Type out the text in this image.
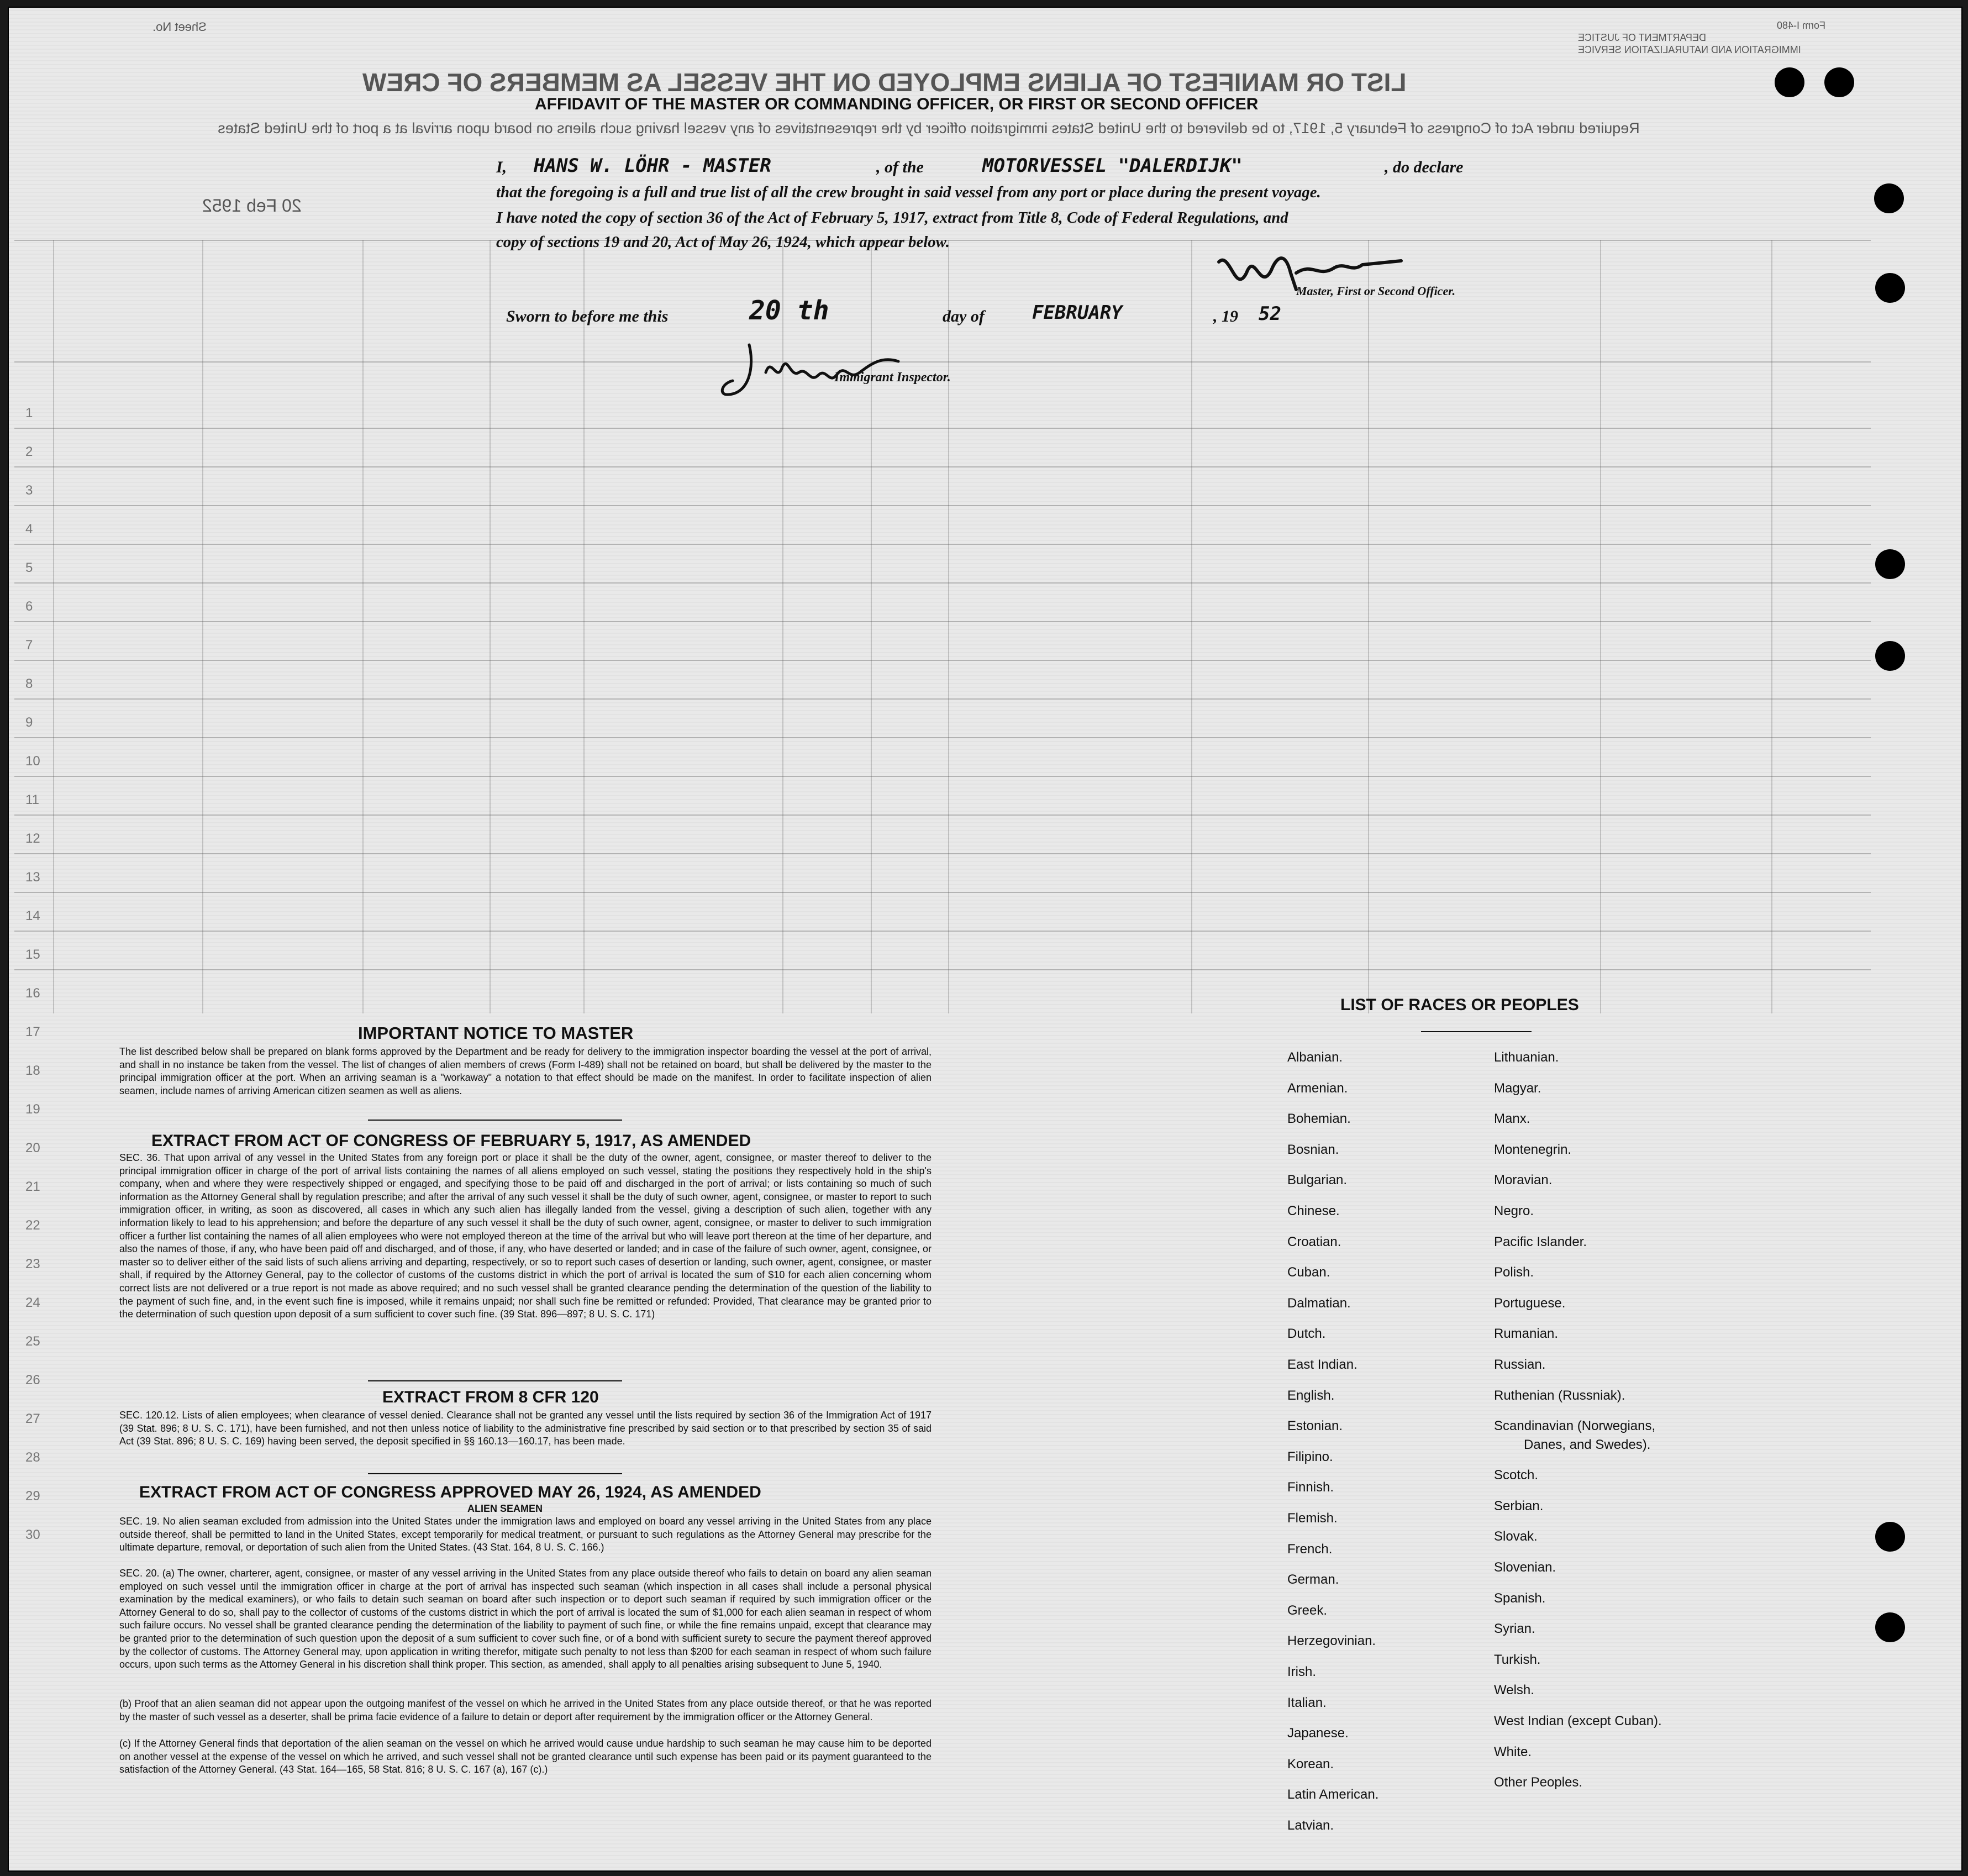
LIST OR MANIFEST OF ALIENS EMPLOYED ON THE VESSEL AS MEMBERS OF CREW
Required under Act of Congress of February 5, 1917, to be delivered to the United States immigration officer by the representatives of any vessel having such aliens on board upon arrival at a port of the United States
Sheet No.	Form I-480
DEPARTMENT OF JUSTICE
IMMIGRATION AND NATURALIZATION SERVICE
20 Feb 1952
1
2
3
4
5
6
7
8
9
10
11
12
13
14
15
16
17
18
19
20
21
22
23
24
25
26
27
28
29
30
AFFIDAVIT OF THE MASTER OR COMMANDING OFFICER, OR FIRST OR SECOND OFFICER
I, HANS W. LÖHR - MASTER	, of the	MOTORVESSEL "DALERDIJK"	, do declare
that the foregoing is a full and true list of all the crew brought in said vessel from any port or place during the present voyage.
I have noted the copy of section 36 of the Act of February 5, 1917, extract from Title 8, Code of Federal Regulations, and
copy of sections 19 and 20, Act of May 26, 1924, which appear below.
Master, First or Second Officer.
Sworn to before me this	20 th	day of	FEBRUARY	, 19 52
Immigrant Inspector.
IMPORTANT NOTICE TO MASTER
The list described below shall be prepared on blank forms approved by the Department and be ready for delivery to the immigration inspector boarding the vessel at the port of arrival, and shall in no instance be taken from the vessel. The list of changes of alien members of crews (Form I-489) shall not be retained on board, but shall be delivered by the master to the principal immigration officer at the port. When an arriving seaman is a "workaway" a notation to that effect should be made on the manifest. In order to facilitate inspection of alien seamen, include names of arriving American citizen seamen as well as aliens.
EXTRACT FROM ACT OF CONGRESS OF FEBRUARY 5, 1917, AS AMENDED
SEC. 36. That upon arrival of any vessel in the United States from any foreign port or place it shall be the duty of the owner, agent, consignee, or master thereof to deliver to the principal immigration officer in charge of the port of arrival lists containing the names of all aliens employed on such vessel, stating the positions they respectively hold in the ship's company, when and where they were respectively shipped or engaged, and specifying those to be paid off and discharged in the port of arrival; or lists containing so much of such information as the Attorney General shall by regulation prescribe; and after the arrival of any such vessel it shall be the duty of such owner, agent, consignee, or master to report to such immigration officer, in writing, as soon as discovered, all cases in which any such alien has illegally landed from the vessel, giving a description of such alien, together with any information likely to lead to his apprehension; and before the departure of any such vessel it shall be the duty of such owner, agent, consignee, or master to deliver to such immigration officer a further list containing the names of all alien employees who were not employed thereon at the time of the arrival but who will leave port thereon at the time of her departure, and also the names of those, if any, who have been paid off and discharged, and of those, if any, who have deserted or landed; and in case of the failure of such owner, agent, consignee, or master so to deliver either of the said lists of such aliens arriving and departing, respectively, or so to report such cases of desertion or landing, such owner, agent, consignee, or master shall, if required by the Attorney General, pay to the collector of customs of the customs district in which the port of arrival is located the sum of $10 for each alien concerning whom correct lists are not delivered or a true report is not made as above required; and no such vessel shall be granted clearance pending the determination of the question of the liability to the payment of such fine, and, in the event such fine is imposed, while it remains unpaid; nor shall such fine be remitted or refunded: Provided, That clearance may be granted prior to the determination of such question upon deposit of a sum sufficient to cover such fine. (39 Stat. 896—897; 8 U. S. C. 171)
EXTRACT FROM 8 CFR 120
SEC. 120.12. Lists of alien employees; when clearance of vessel denied. Clearance shall not be granted any vessel until the lists required by section 36 of the Immigration Act of 1917 (39 Stat. 896; 8 U. S. C. 171), have been furnished, and not then unless notice of liability to the administrative fine prescribed by said section or to that prescribed by section 35 of said Act (39 Stat. 896; 8 U. S. C. 169) having been served, the deposit specified in §§ 160.13—160.17, has been made.
EXTRACT FROM ACT OF CONGRESS APPROVED MAY 26, 1924, AS AMENDED
ALIEN SEAMEN
SEC. 19. No alien seaman excluded from admission into the United States under the immigration laws and employed on board any vessel arriving in the United States from any place outside thereof, shall be permitted to land in the United States, except temporarily for medical treatment, or pursuant to such regulations as the Attorney General may prescribe for the ultimate departure, removal, or deportation of such alien from the United States. (43 Stat. 164, 8 U. S. C. 166.)
SEC. 20. (a) The owner, charterer, agent, consignee, or master of any vessel arriving in the United States from any place outside thereof who fails to detain on board any alien seaman employed on such vessel until the immigration officer in charge at the port of arrival has inspected such seaman (which inspection in all cases shall include a personal physical examination by the medical examiners), or who fails to detain such seaman on board after such inspection or to deport such seaman if required by such immigration officer or the Attorney General to do so, shall pay to the collector of customs of the customs district in which the port of arrival is located the sum of $1,000 for each alien seaman in respect of whom such failure occurs. No vessel shall be granted clearance pending the determination of the liability to payment of such fine, or while the fine remains unpaid, except that clearance may be granted prior to the determination of such question upon the deposit of a sum sufficient to cover such fine, or of a bond with sufficient surety to secure the payment thereof approved by the collector of customs. The Attorney General may, upon application in writing therefor, mitigate such penalty to not less than $200 for each seaman in respect of whom such failure occurs, upon such terms as the Attorney General in his discretion shall think proper. This section, as amended, shall apply to all penalties arising subsequent to June 5, 1940.
(b) Proof that an alien seaman did not appear upon the outgoing manifest of the vessel on which he arrived in the United States from any place outside thereof, or that he was reported by the master of such vessel as a deserter, shall be prima facie evidence of a failure to detain or deport after requirement by the immigration officer or the Attorney General.
(c) If the Attorney General finds that deportation of the alien seaman on the vessel on which he arrived would cause undue hardship to such seaman he may cause him to be deported on another vessel at the expense of the vessel on which he arrived, and such vessel shall not be granted clearance until such expense has been paid or its payment guaranteed to the satisfaction of the Attorney General. (43 Stat. 164—165, 58 Stat. 816; 8 U. S. C. 167 (a), 167 (c).)
LIST OF RACES OR PEOPLES
Albanian.
Armenian.
Bohemian.
Bosnian.
Bulgarian.
Chinese.
Croatian.
Cuban.
Dalmatian.
Dutch.
East Indian.
English.
Estonian.
Filipino.
Finnish.
Flemish.
French.
German.
Greek.
Herzegovinian.
Irish.
Italian.
Japanese.
Korean.
Latin American.
Latvian.
Lithuanian.
Magyar.
Manx.
Montenegrin.
Moravian.
Negro.
Pacific Islander.
Polish.
Portuguese.
Rumanian.
Russian.
Ruthenian (Russniak).
Scandinavian (Norwegians,
Danes, and Swedes).
Scotch.
Serbian.
Slovak.
Slovenian.
Spanish.
Syrian.
Turkish.
Welsh.
West Indian (except Cuban).
White.
Other Peoples.
